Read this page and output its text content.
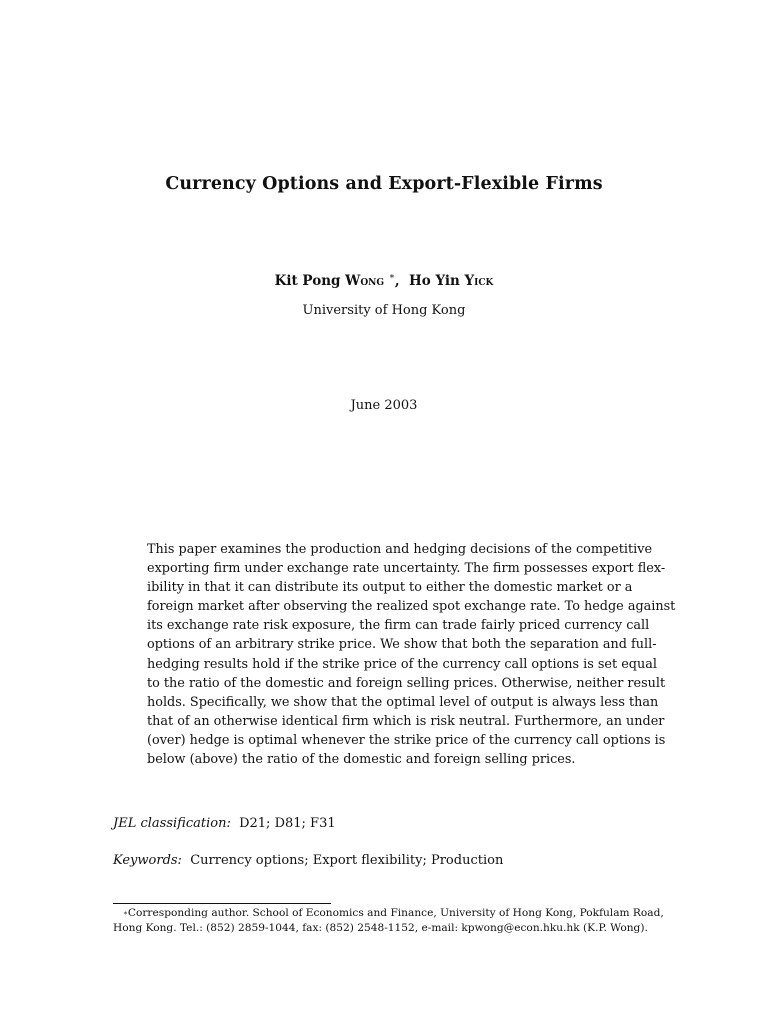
Currency Options and Export-Flexible Firms
Kit Pong Wong ∗, Ho Yin Yick
University of Hong Kong
June 2003
This paper examines the production and hedging decisions of the competitive
exporting firm under exchange rate uncertainty. The firm possesses export flex-
ibility in that it can distribute its output to either the domestic market or a
foreign market after observing the realized spot exchange rate. To hedge against
its exchange rate risk exposure, the firm can trade fairly priced currency call
options of an arbitrary strike price. We show that both the separation and full-
hedging results hold if the strike price of the currency call options is set equal
to the ratio of the domestic and foreign selling prices. Otherwise, neither result
holds. Specifically, we show that the optimal level of output is always less than
that of an otherwise identical firm which is risk neutral. Furthermore, an under
(over) hedge is optimal whenever the strike price of the currency call options is
below (above) the ratio of the domestic and foreign selling prices.
JEL classification: D21; D81; F31
Keywords: Currency options; Export flexibility; Production
∗Corresponding author. School of Economics and Finance, University of Hong Kong, Pokfulam Road,
Hong Kong. Tel.: (852) 2859-1044, fax: (852) 2548-1152, e-mail: kpwong@econ.hku.hk (K.P. Wong).
